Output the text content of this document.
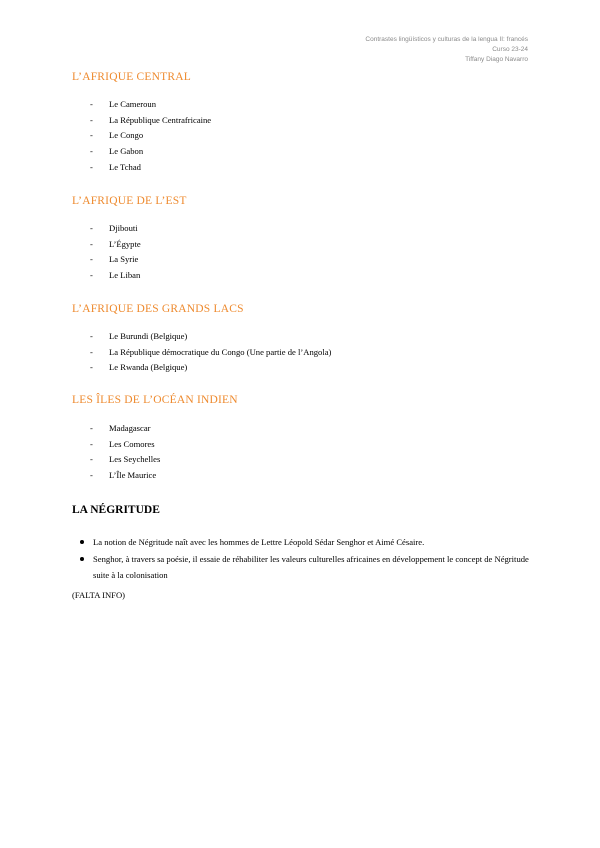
Contrastes lingüísticos y culturas de la lengua II: francés
Curso 23-24
Tiffany Diago Navarro
L’AFRIQUE CENTRAL
- Le Cameroun
- La République Centrafricaine
- Le Congo
- Le Gabon
- Le Tchad
L’AFRIQUE DE L’EST
- Djibouti
- L’Égypte
- La Syrie
- Le Liban
L’AFRIQUE DES GRANDS LACS
- Le Burundi (Belgique)
- La République démocratique du Congo (Une partie de l’Angola)
- Le Rwanda (Belgique)
LES ÎLES DE L’OCÉAN INDIEN
- Madagascar
- Les Comores
- Les Seychelles
- L’Île Maurice
LA NÉGRITUDE
La notion de Négritude naît avec les hommes de Lettre Léopold Sédar Senghor et Aimé Césaire.
Senghor, à travers sa poésie, il essaie de réhabiliter les valeurs culturelles africaines en développement le concept de Négritude suite à la colonisation
(FALTA INFO)
